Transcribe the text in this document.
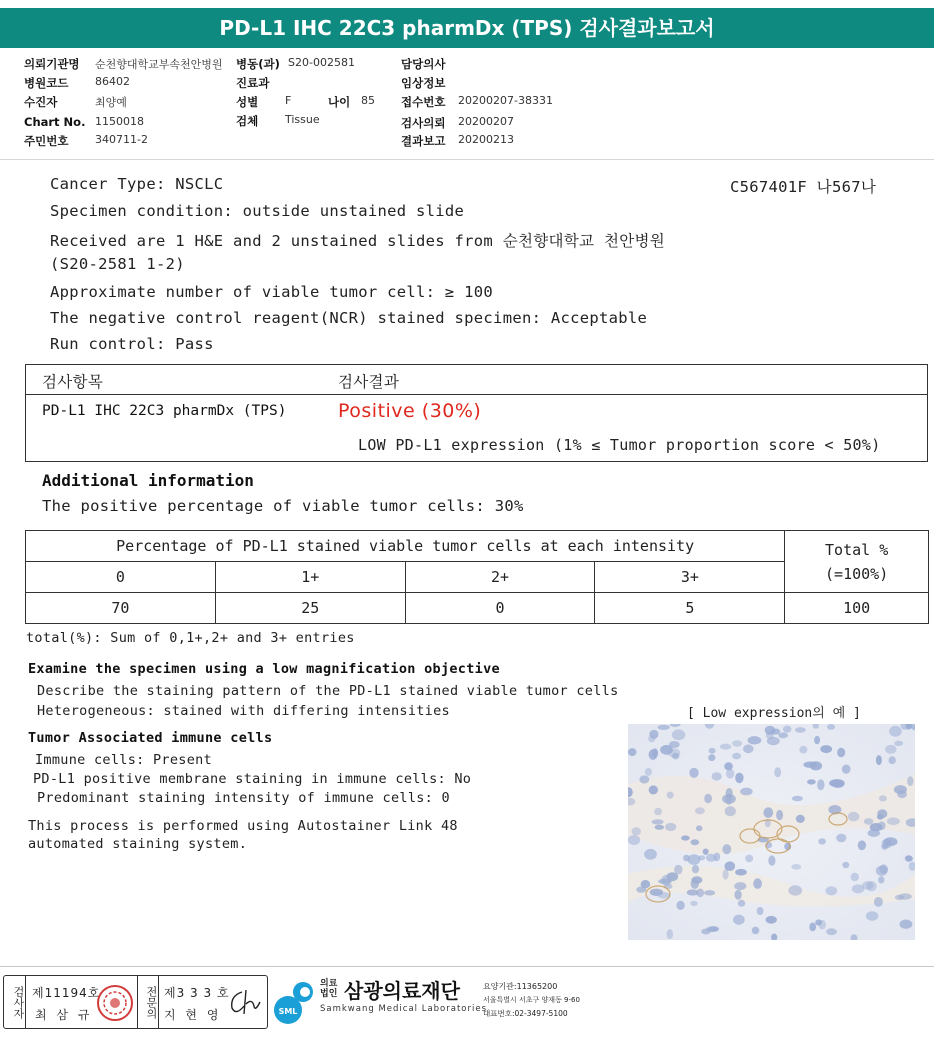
PD-L1 IHC 22C3 pharmDx (TPS) 검사결과보고서
의뢰기관명 순천향대학교부속천안병원 병동(과) S20-002581	담당의사
병원코드 86402	진료과	임상정보
수진자	최양예	성별 F	나이 85 접수번호 20200207-38331
Chart No. 1150018	검체 Tissue	검사의뢰 20200207
주민번호 340711-2	결과보고 20200213
Cancer Type: NSCLC	C567401F 나567나
Specimen condition: outside unstained slide
Received are 1 H&E and 2 unstained slides from 순천향대학교 천안병원
(S20-2581 1-2)
Approximate number of viable tumor cell: ≥ 100
The negative control reagent(NCR) stained specimen: Acceptable
Run control: Pass
검사항목	검사결과
PD-L1 IHC 22C3 pharmDx (TPS)	Positive (30%)
LOW PD-L1 expression (1% ≤ Tumor proportion score < 50%)
Additional information
The positive percentage of viable tumor cells: 30%
Percentage of PD-L1 stained viable tumor cells at each intensity				Total %
(=100%)
0	1+	2+	3+	
70	25	0	5	100
total(%): Sum of 0,1+,2+ and 3+ entries
Examine the specimen using a low magnification objective
Describe the staining pattern of the PD-L1 stained viable tumor cells
Heterogeneous: stained with differing intensities	[ Low expression의 예 ]
Tumor Associated immune cells
Immune cells: Present
PD-L1 positive membrane staining in immune cells: No
Predominant staining intensity of immune cells: 0
This process is performed using Autostainer Link 48
automated staining system.
검사자 제11194호
최 삼 규	전문의 제3 3 3 호
지 현 영	SML
의료
법인 삼광의료재단
Samkwang Medical Laboratories
요양기관:11365200
서울특별시 서초구 양재동 9-60
대표번호:02-3497-5100
